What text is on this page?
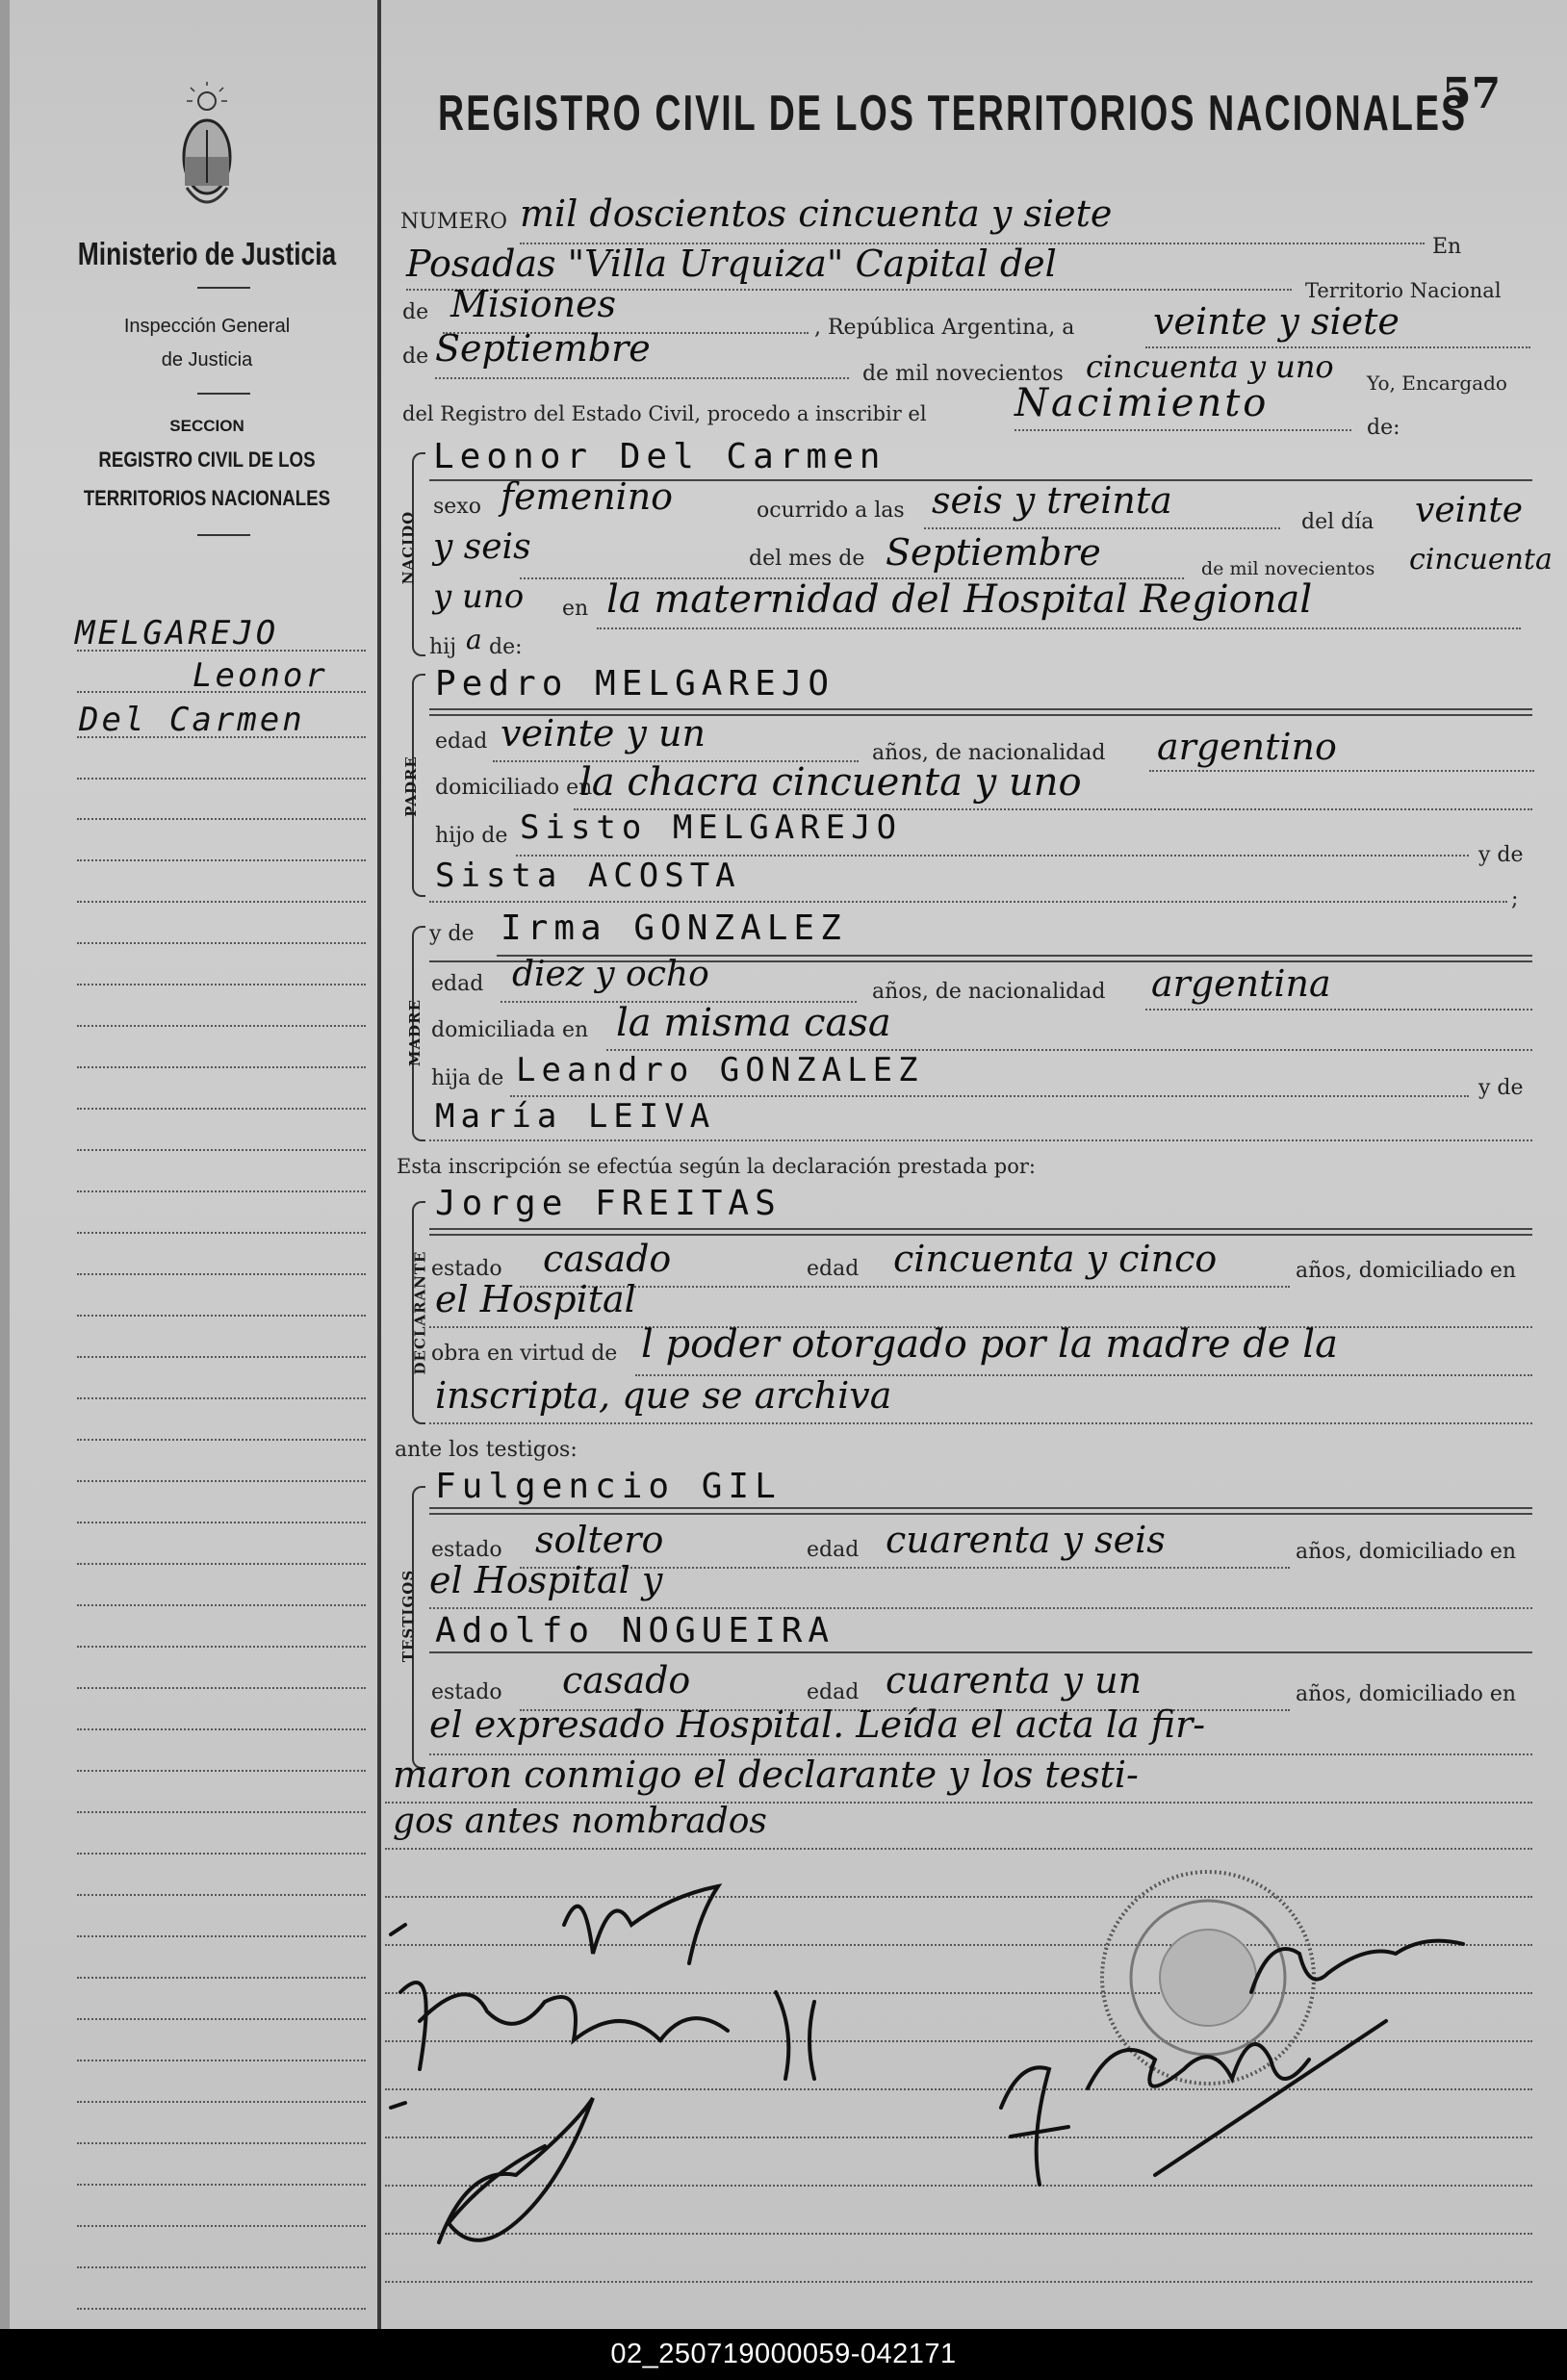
Ministerio de Justicia
Inspección General
de Justicia
SECCION
REGISTRO CIVIL DE LOS
TERRITORIOS NACIONALES
MELGAREJO
Leonor
Del Carmen
REGISTRO CIVIL DE LOS TERRITORIOS NACIONALES
57
NUMERO mil doscientos cincuenta y siete
En
Posadas "Villa Urquiza" Capital del
Territorio Nacional
de Misiones
, República Argentina, a veinte y siete
de Septiembre
de mil novecientos cincuenta y uno Yo, Encargado
del Registro del Estado Civil, procedo a inscribir el Nacimiento
de:
NACIDO
Leonor Del Carmen
sexo femenino	ocurrido a las seis y treinta
del día veinte
y seis	del mes de Septiembre	de mil novecientos cincuenta
y uno en la maternidad del Hospital Regional
hij a de:
PADRE
Pedro MELGAREJO
edad veinte y un	años, de nacionalidad argentino
domiciliado en
la chacra cincuenta y uno
hijo de Sisto MELGAREJO
y de
Sista ACOSTA
;
MADRE
y de Irma GONZALEZ
edad diez y ocho	años, de nacionalidad argentina
domiciliada en la misma casa
hija de Leandro GONZALEZ	y de
María LEIVA
Esta inscripción se efectúa según la declaración prestada por:
DECLARANTE
Jorge FREITAS
estado casado	edad cincuenta y cinco	años, domiciliado en
el Hospital
obra en virtud de l poder otorgado por la madre de la
inscripta, que se archiva
ante los testigos:
TESTIGOS
Fulgencio GIL
estado soltero	edad cuarenta y seis	años, domiciliado en
el Hospital y
Adolfo NOGUEIRA
estado casado	edad cuarenta y un	años, domiciliado en
el expresado Hospital. Leída el acta la fir-
maron conmigo el declarante y los testi-
gos antes nombrados
02_250719000059-042171
